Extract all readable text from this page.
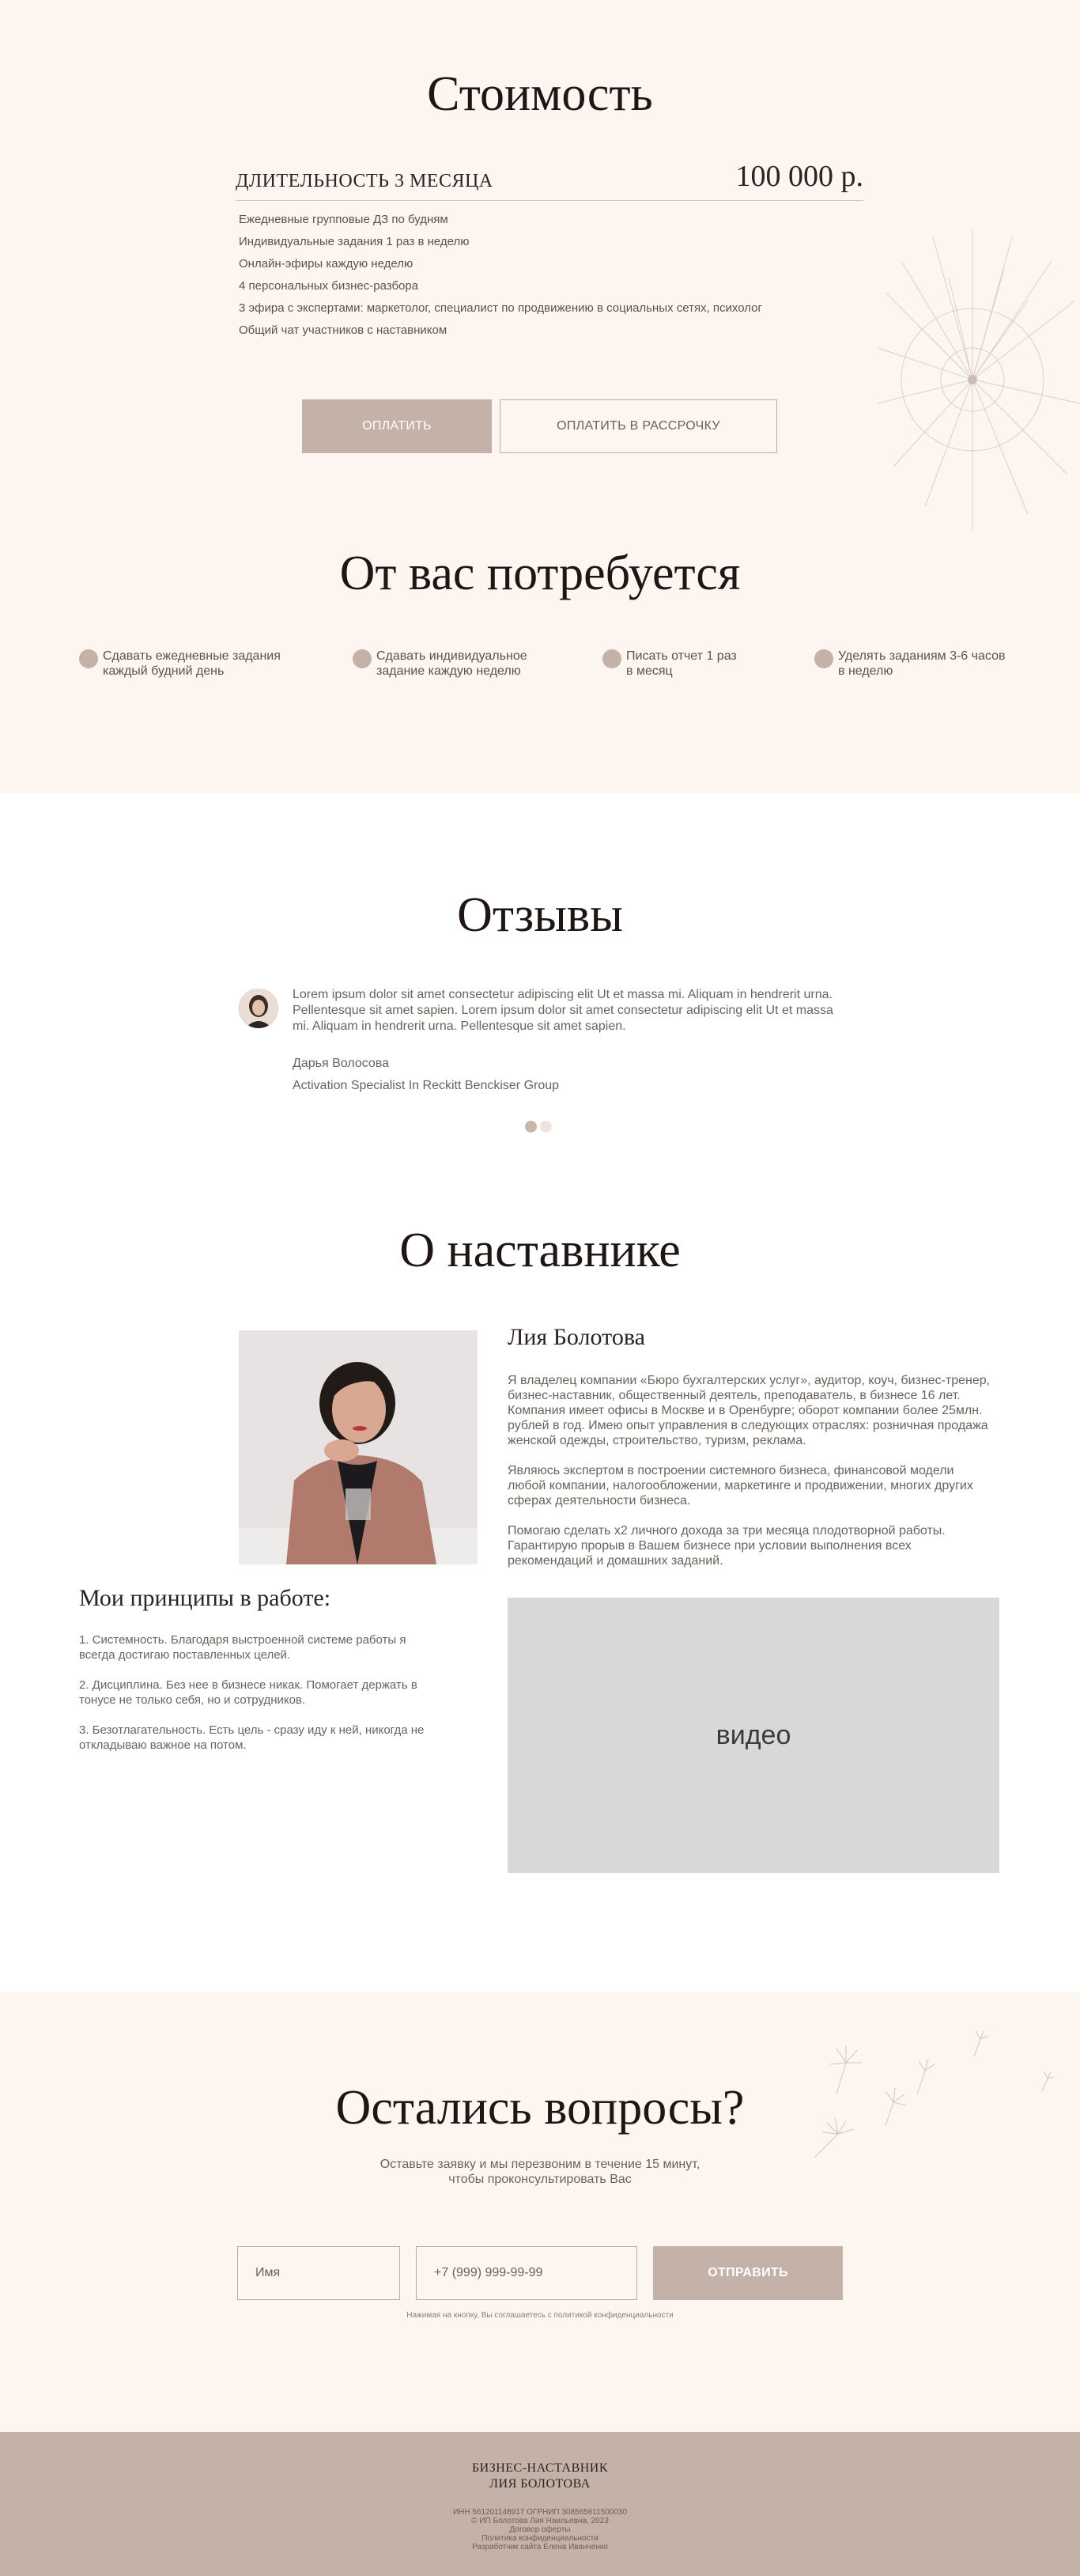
Стоимость
ДЛИТЕЛЬНОСТЬ 3 МЕСЯЦА	100 000 р.
Ежедневные групповые ДЗ по будням
Индивидуальные задания 1 раз в неделю
Онлайн-эфиры каждую неделю
4 персональных бизнес-разбора
3 эфира с экспертами: маркетолог, специалист по продвижению в социальных сетях, психолог
Общий чат участников с наставником
ОПЛАТИТЬ	ОПЛАТИТЬ В РАССРОЧКУ
От вас потребуется
Сдавать ежедневные задания
каждый будний день
Сдавать индивидуальное
задание каждую неделю
Писать отчет 1 раз
в месяц
Уделять заданиям 3-6 часов
в неделю
Отзывы

Lorem ipsum dolor sit amet consectetur adipiscing elit Ut et massa mi. Aliquam in hendrerit urna. Pellentesque sit amet sapien. Lorem ipsum dolor sit amet consectetur adipiscing elit Ut et massa mi. Aliquam in hendrerit urna. Pellentesque sit amet sapien.

Дарья Волосова
Activation Specialist In Reckitt Benckiser Group
О наставнике
Лия Болотова

Я владелец компании «Бюро бухгалтерских услуг», аудитор, коуч, бизнес-тренер, бизнес-наставник, общественный деятель, преподаватель, в бизнесе 16 лет. Компания имеет офисы в Москве и в Оренбурге; оборот компании более 25млн. рублей в год. Имею опыт управления в следующих отраслях: розничная продажа женской одежды, строительство, туризм, реклама.

Являюсь экспертом в построении системного бизнеса, финансовой модели любой компании, налогообложении, маркетинге и продвижении, многих других сферах деятельности бизнеса.

Помогаю сделать х2 личного дохода за три месяца плодотворной работы. Гарантирую прорыв в Вашем бизнесе при условии выполнения всех рекомендаций и домашних заданий.

Мои принципы в работе:

1. Системность. Благодаря выстроенной системе работы я всегда достигаю поставленных целей.

2. Дисциплина. Без нее в бизнесе никак. Помогает держать в тонусе не только себя, но и сотрудников.

3. Безотлагательность. Есть цель - сразу иду к ней, никогда не откладываю важное на потом.	видео
Остались вопросы?
Оставьте заявку и мы перезвоним в течение 15 минут,
чтобы проконсультировать Вас
Имя	+7 (999) 999-99-99	ОТПРАВИТЬ
Нажимая на кнопку, Вы соглашаетесь с политикой конфиденциальности
БИЗНЕС-НАСТАВНИК
ЛИЯ БОЛОТОВА
ИНН 561201148917 ОГРНИП 308565611500030
© ИП Болотова Лия Наильевна, 2023
Договор оферты
Политика конфиденциальности
Разработчик сайта Елена Иванченко
